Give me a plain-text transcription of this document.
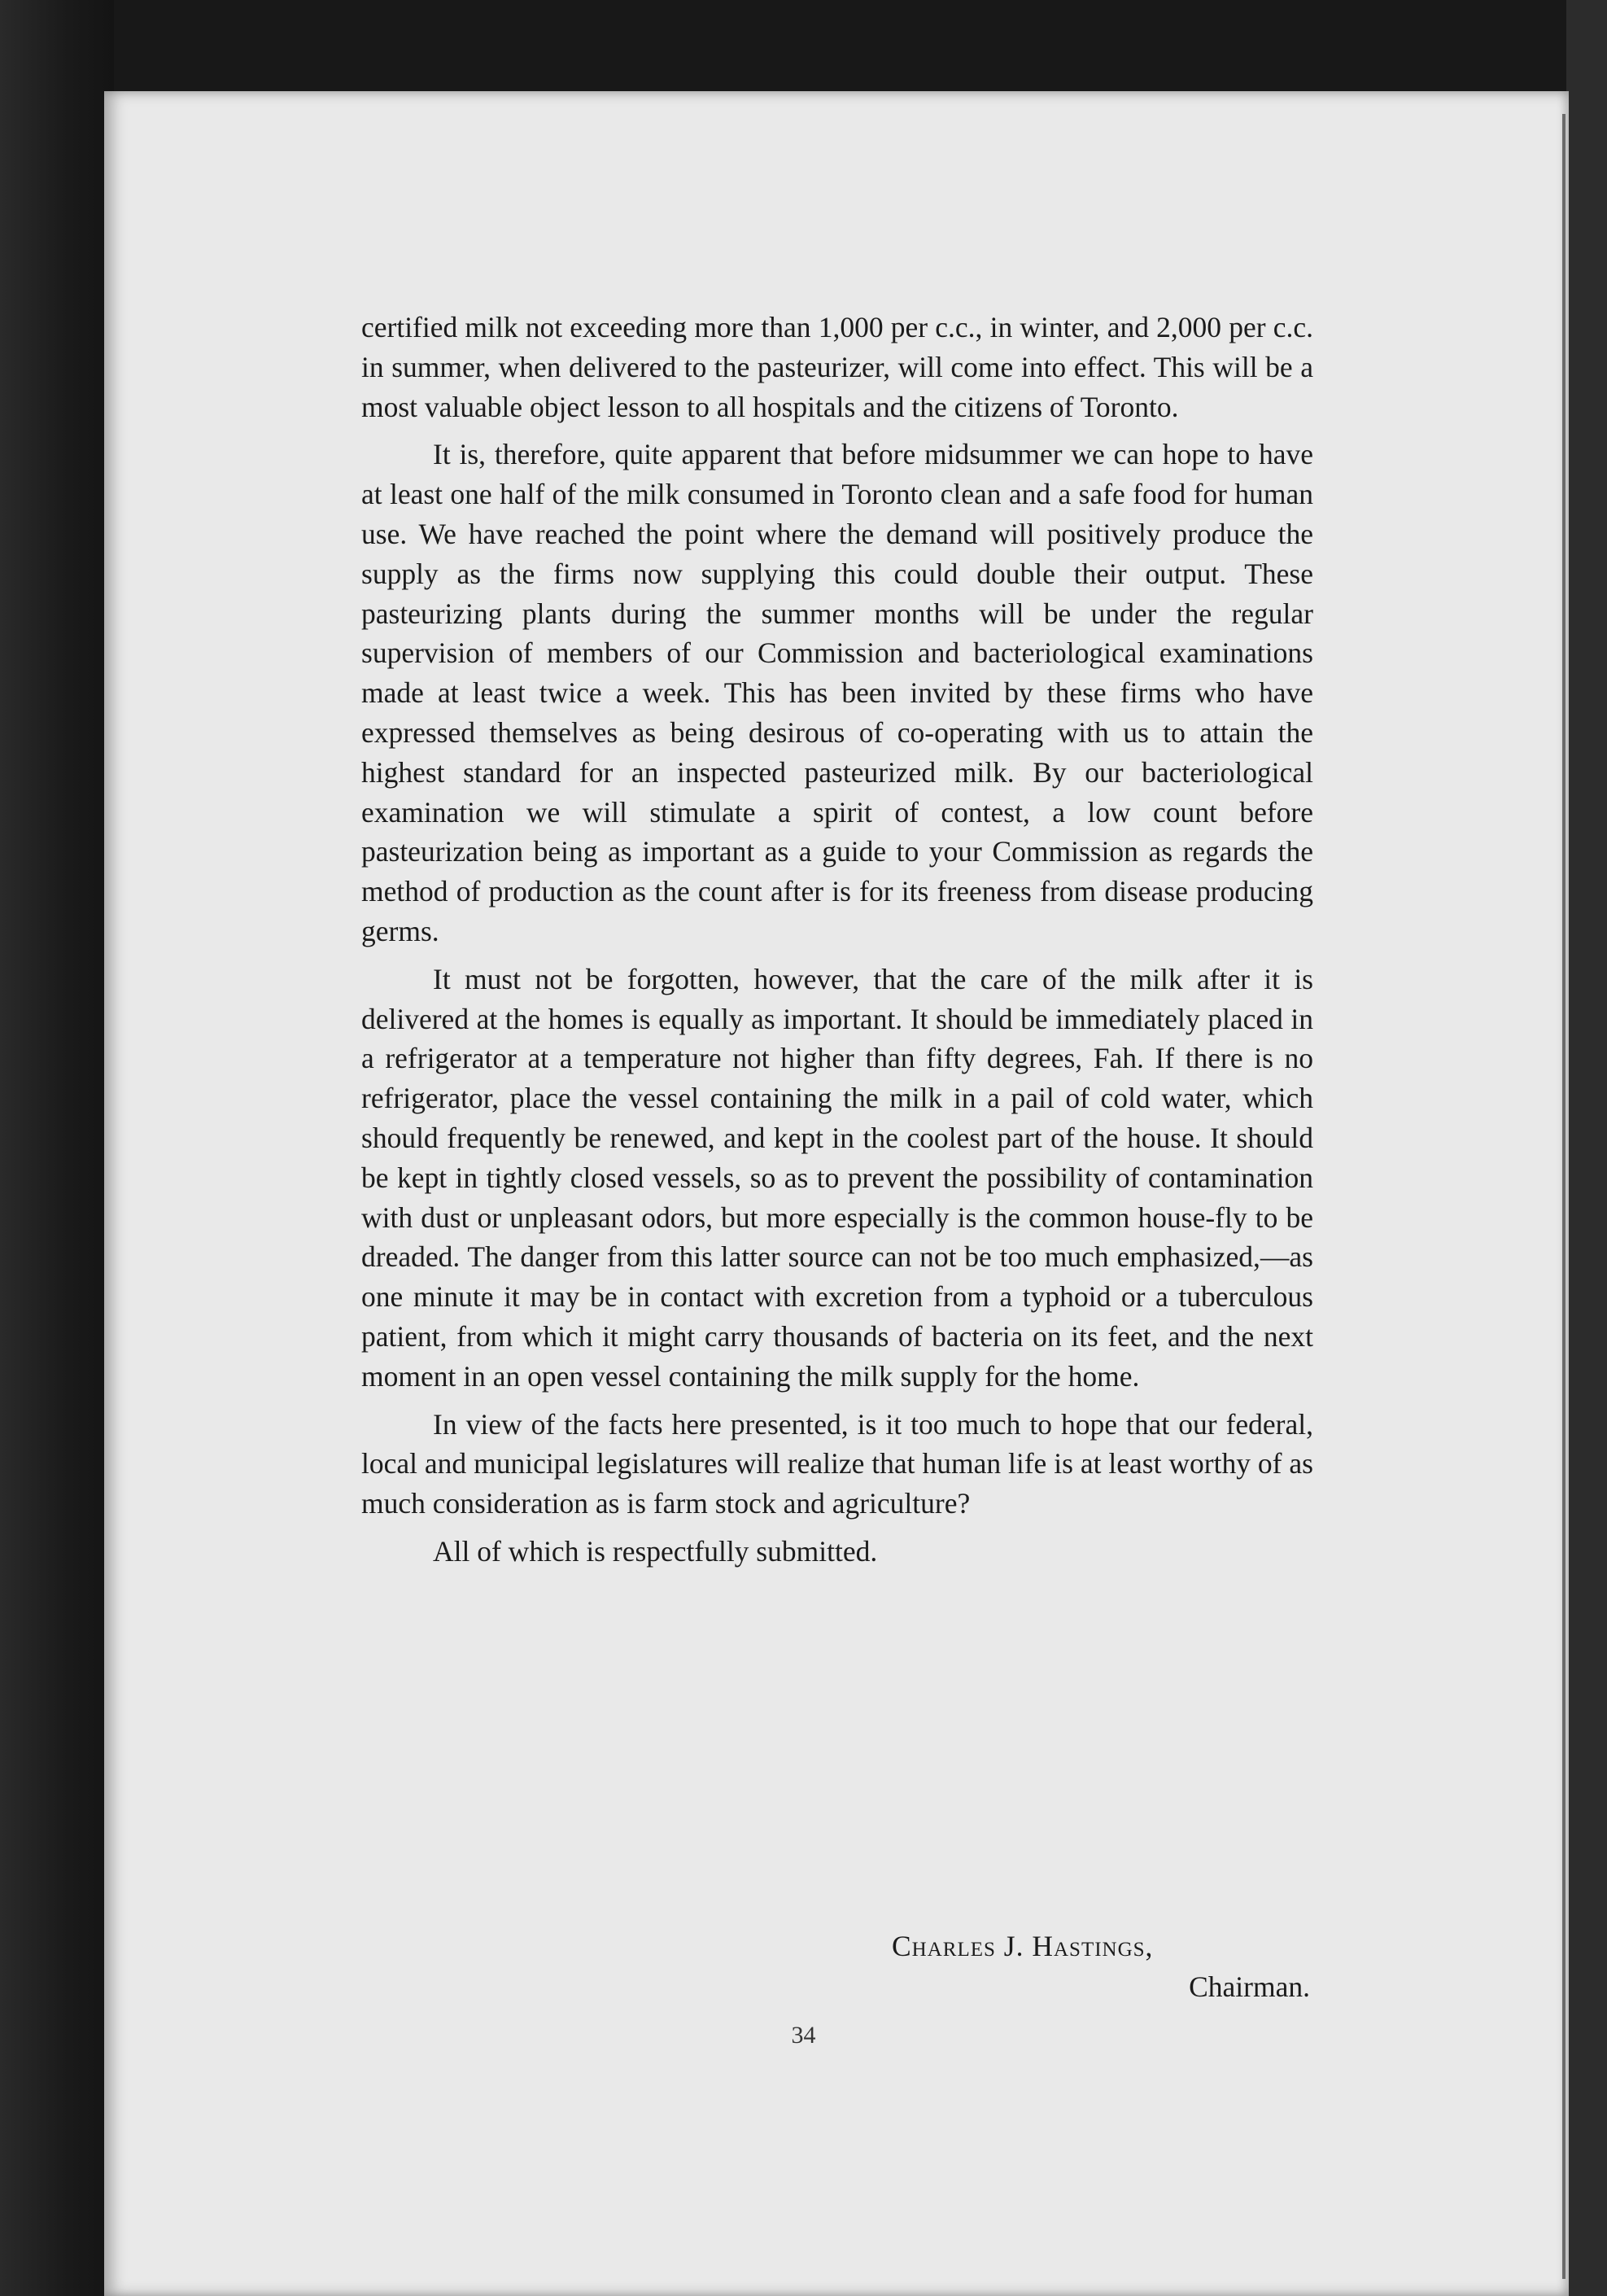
certified milk not exceeding more than 1,000 per c.c., in winter, and 2,000 per c.c. in summer, when delivered to the pasteurizer, will come into effect. This will be a most valuable object lesson to all hospitals and the citizens of Toronto.

It is, therefore, quite apparent that before midsummer we can hope to have at least one half of the milk consumed in Toronto clean and a safe food for human use. We have reached the point where the demand will positively produce the supply as the firms now supplying this could double their output. These pasteurizing plants during the summer months will be under the regular supervision of members of our Commission and bacteriological examinations made at least twice a week. This has been invited by these firms who have expressed themselves as being desirous of co-operating with us to attain the highest standard for an inspected pasteurized milk. By our bacteriological examination we will stimulate a spirit of contest, a low count before pasteurization being as important as a guide to your Commission as regards the method of production as the count after is for its freeness from disease producing germs.

It must not be forgotten, however, that the care of the milk after it is delivered at the homes is equally as important. It should be immediately placed in a refrigerator at a temperature not higher than fifty degrees, Fah. If there is no refrigerator, place the vessel containing the milk in a pail of cold water, which should frequently be renewed, and kept in the coolest part of the house. It should be kept in tightly closed vessels, so as to prevent the possibility of contamination with dust or unpleasant odors, but more especially is the common house-fly to be dreaded. The danger from this latter source can not be too much emphasized,—as one minute it may be in contact with excretion from a typhoid or a tuberculous patient, from which it might carry thousands of bacteria on its feet, and the next moment in an open vessel containing the milk supply for the home.

In view of the facts here presented, is it too much to hope that our federal, local and municipal legislatures will realize that human life is at least worthy of as much consideration as is farm stock and agriculture?

All of which is respectfully submitted.

Charles J. Hastings,
Chairman.
34
